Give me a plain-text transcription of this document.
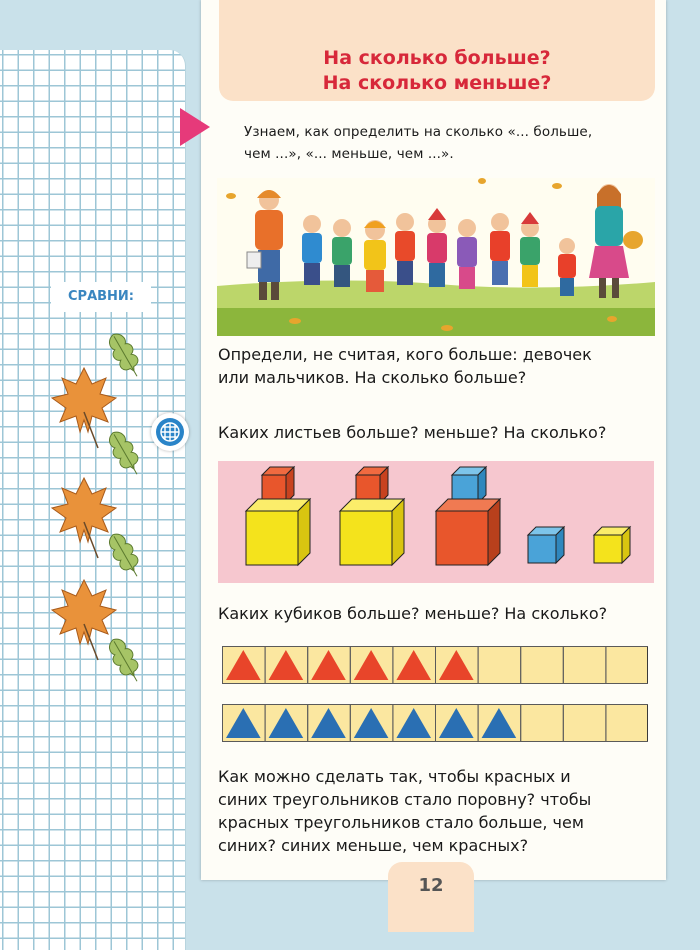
На сколько больше?
На сколько меньше?
Узнаем, как определить на сколько «... больше,
чем ...», «... меньше, чем ...».
Определи, не считая, кого больше: девочек
или мальчиков. На сколько больше?
Каких листьев больше? меньше? На сколько?
СРАВНИ:
Каких кубиков больше? меньше? На сколько?
Как можно сделать так, чтобы красных и
синих треугольников стало поровну? чтобы
красных треугольников стало больше, чем
синих? синих меньше, чем красных?
12
